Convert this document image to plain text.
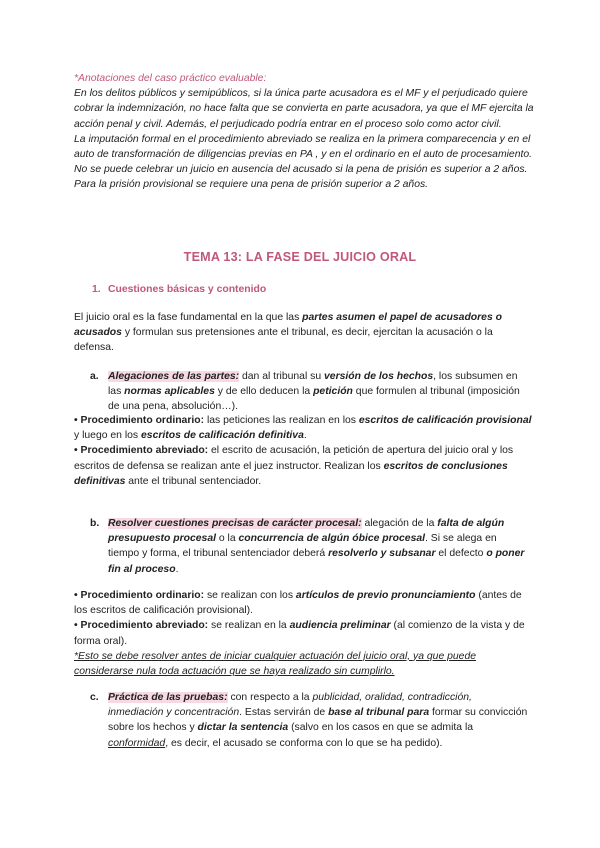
*Anotaciones del caso práctico evaluable:

En los delitos públicos y semipúblicos, si la única parte acusadora es el MF y el perjudicado quiere cobrar la indemnización, no hace falta que se convierta en parte acusadora, ya que el MF ejercita la acción penal y civil. Además, el perjudicado podría entrar en el proceso solo como actor civil.

La imputación formal en el procedimiento abreviado se realiza en la primera comparecencia y en el auto de transformación de diligencias previas en PA , y en el ordinario en el auto de procesamiento.

No se puede celebrar un juicio en ausencia del acusado si la pena de prisión es superior a 2 años.

Para la prisión provisional se requiere una pena de prisión superior a 2 años.

TEMA 13: LA FASE DEL JUICIO ORAL
1. Cuestiones básicas y contenido

El juicio oral es la fase fundamental en la que las partes asumen el papel de acusadores o acusados y formulan sus pretensiones ante el tribunal, es decir, ejercitan la acusación o la defensa.

a. Alegaciones de las partes: dan al tribunal su versión de los hechos, los subsumen en las normas aplicables y de ello deducen la petición que formulen al tribunal (imposición de una pena, absolución…).

• Procedimiento ordinario: las peticiones las realizan en los escritos de calificación provisional y luego en los escritos de calificación definitiva.

• Procedimiento abreviado: el escrito de acusación, la petición de apertura del juicio oral y los escritos de defensa se realizan ante el juez instructor. Realizan los escritos de conclusiones definitivas ante el tribunal sentenciador.

b. Resolver cuestiones precisas de carácter procesal: alegación de la falta de algún presupuesto procesal o la concurrencia de algún óbice procesal. Si se alega en tiempo y forma, el tribunal sentenciador deberá resolverlo y subsanar el defecto o poner fin al proceso.

• Procedimiento ordinario: se realizan con los artículos de previo pronunciamiento (antes de los escritos de calificación provisional).

• Procedimiento abreviado: se realizan en la audiencia preliminar (al comienzo de la vista y de forma oral).

*Esto se debe resolver antes de iniciar cualquier actuación del juicio oral, ya que puede considerarse nula toda actuación que se haya realizado sin cumplirlo.

c. Práctica de las pruebas: con respecto a la publicidad, oralidad, contradicción, inmediación y concentración. Estas servirán de base al tribunal para formar su convicción sobre los hechos y dictar la sentencia (salvo en los casos en que se admita la conformidad, es decir, el acusado se conforma con lo que se ha pedido).
